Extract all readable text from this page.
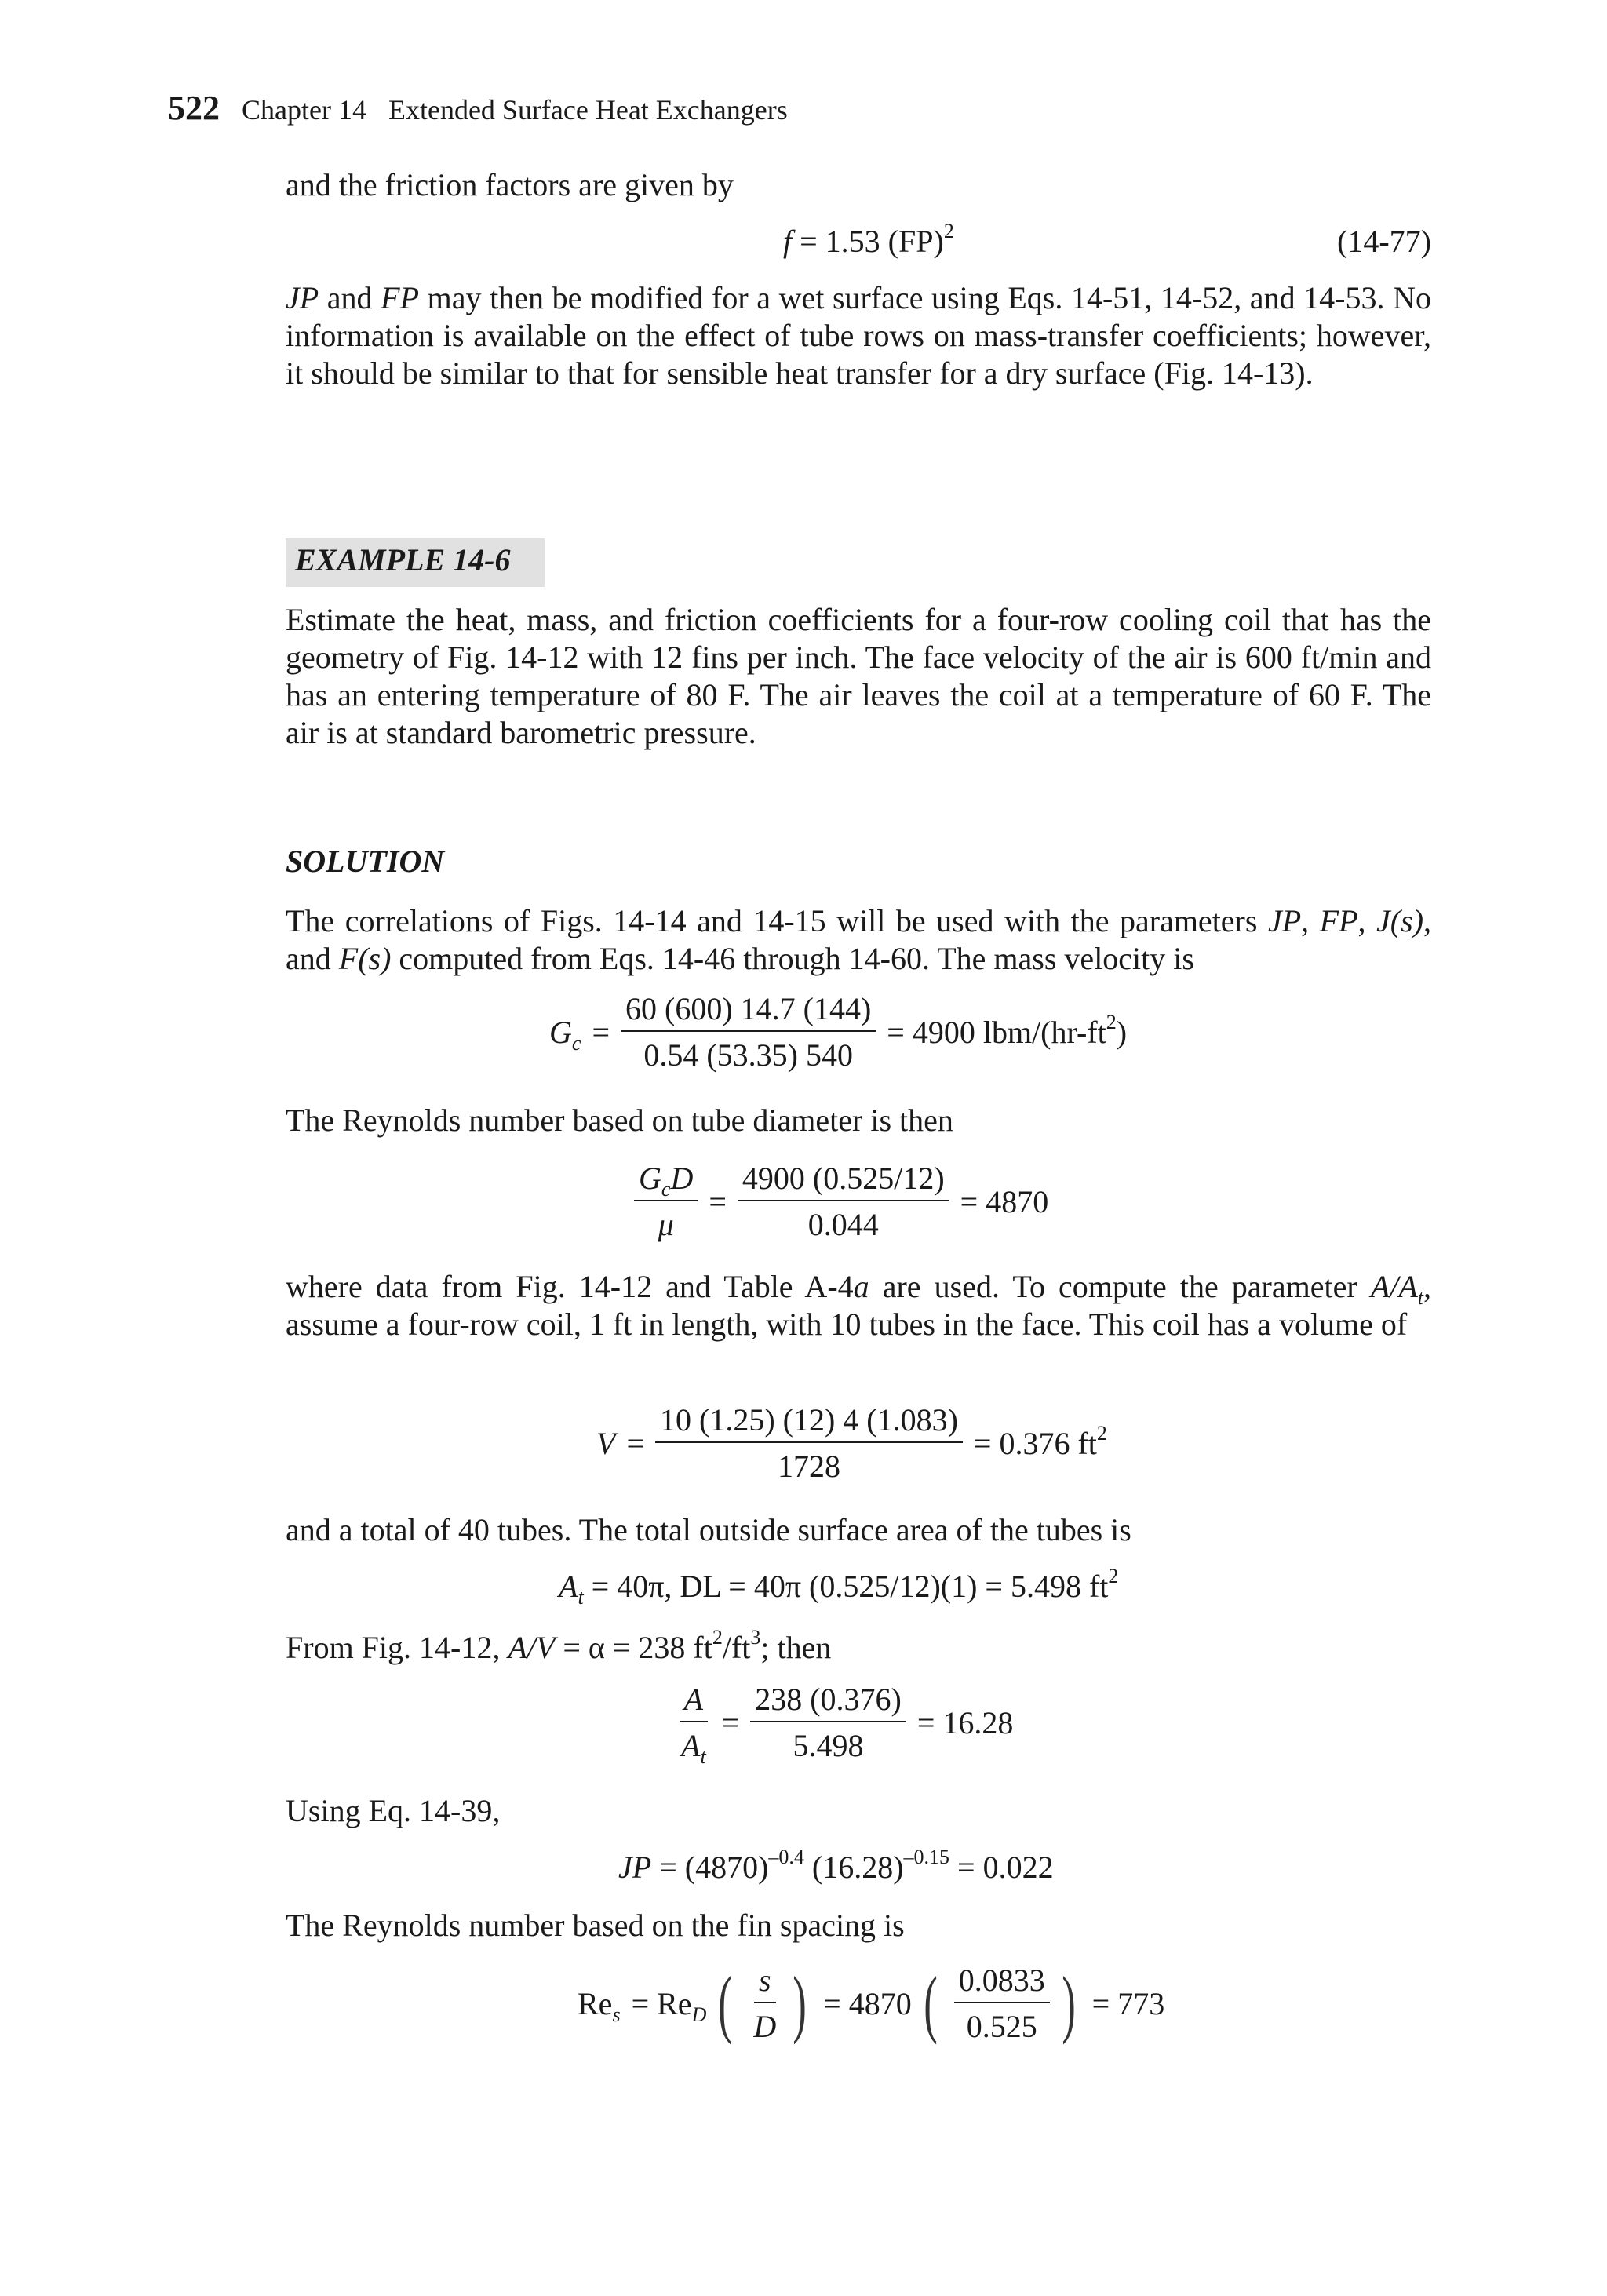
522 Chapter 14 Extended Surface Heat Exchangers
and the friction factors are given by
f = 1.53 (FP)$^2$	(14-77)
JP and FP may then be modified for a wet surface using Eqs. 14-51, 14-52, and 14-53. No information is available on the effect of tube rows on mass-transfer coefficients; however, it should be similar to that for sensible heat transfer for a dry surface (Fig. 14-13).
EXAMPLE 14-6
Estimate the heat, mass, and friction coefficients for a four-row cooling coil that has the geometry of Fig. 14-12 with 12 fins per inch. The face velocity of the air is 600 ft/min and has an entering temperature of 80 F. The air leaves the coil at a temperature of 60 F. The air is at standard barometric pressure.
SOLUTION
The correlations of Figs. 14-14 and 14-15 will be used with the parameters JP, FP, J(s), and F(s) computed from Eqs. 14-46 through 14-60. The mass velocity is
$G_c = \frac{60 (600) 14.7 (144)}{0.54 (53.35) 540} = 4900$ lbm/$(hr-ft^2)$
The Reynolds number based on tube diameter is then
$\frac{G_cD}{\mu} = \frac{4900 (0.525/12)}{0.044} = 4870$
where data from Fig. 14-12 and Table A-4a are used. To compute the parameter $A/A_t$, assume a four-row coil, 1 ft in length, with 10 tubes in the face. This coil has a volume of
$V = \frac{10 (1.25) (12) 4 (1.083)}{1728} = 0.376$ $ft^2$
and a total of 40 tubes. The total outside surface area of the tubes is
$A_t = 40\pi$, DL = 40π (0.525/12)(1) = 5.498 $ft^2$
From Fig. 14-12, A/V = α = 238 $ft^2/ft^3$; then
$\frac{A}{A_t} = \frac{238 (0.376)}{5.498} = 16.28$
Using Eq. 14-39,
JP = $(4870)^{-0.4}$ $(16.28)^{-0.15} = 0.022$
The Reynolds number based on the fin spacing is
$Re_s = Re_D$ ( $\frac{s}{D}$ ) = 4870 ( $\frac{0.0833}{0.525}$ ) = 773
